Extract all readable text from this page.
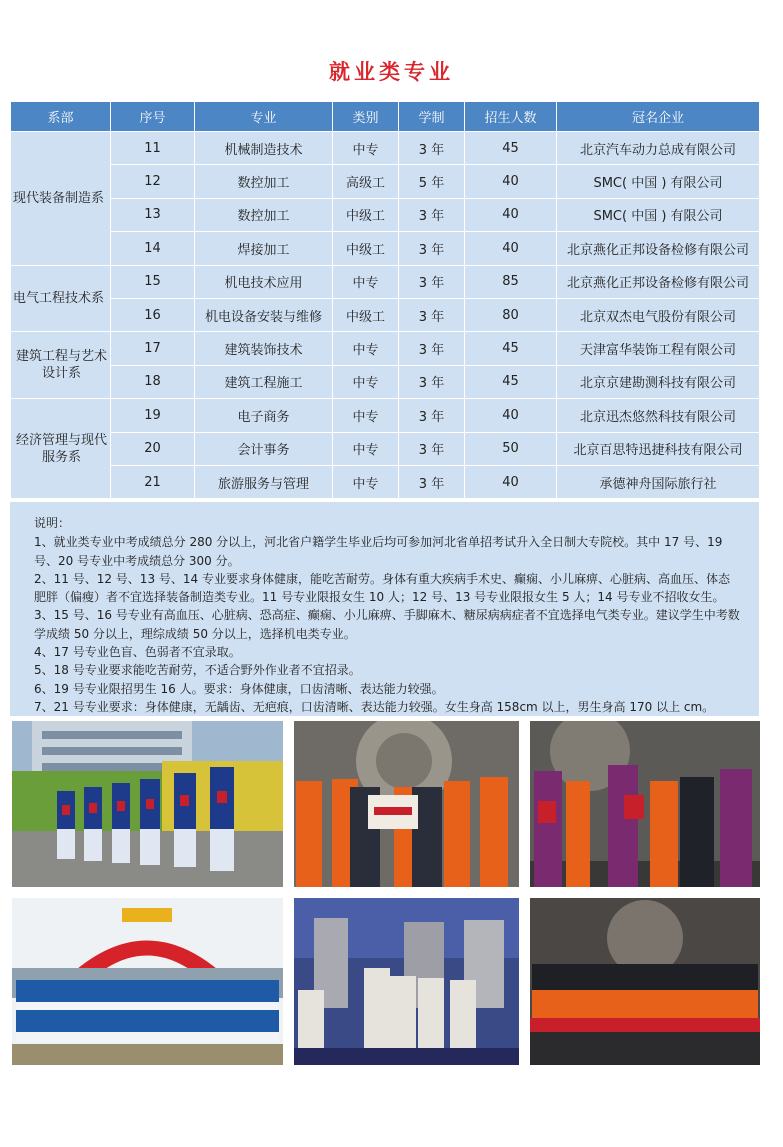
就业类专业
系部	序号	专业	类别	学制	招生人数	冠名企业
现代装备制造系	11	机械制造技术	中专	3 年	45	北京汽车动力总成有限公司
	12	数控加工	高级工	5 年	40	SMC( 中国 ) 有限公司
	13	数控加工	中级工	3 年	40	SMC( 中国 ) 有限公司
	14	焊接加工	中级工	3 年	40	北京燕化正邦设备检修有限公司
电气工程技术系	15	机电技术应用	中专	3 年	85	北京燕化正邦设备检修有限公司
	16	机电设备安装与维修	中级工	3 年	80	北京双杰电气股份有限公司
建筑工程与艺术设计系	17	建筑装饰技术	中专	3 年	45	天津富华装饰工程有限公司
	18	建筑工程施工	中专	3 年	45	北京京建勘测科技有限公司
经济管理与现代服务系	19	电子商务	中专	3 年	40	北京迅杰悠然科技有限公司
	20	会计事务	中专	3 年	50	北京百思特迅捷科技有限公司
	21	旅游服务与管理	中专	3 年	40	承德神舟国际旅行社
说明：
1、就业类专业中考成绩总分 280 分以上，河北省户籍学生毕业后均可参加河北省单招考试升入全日制大专院校。其中 17 号、19 号、20 号专业中考成绩总分 300 分。
2、11 号、12 号、13 号、14 专业要求身体健康，能吃苦耐劳。身体有重大疾病手术史、癫痫、小儿麻痹、心脏病、高血压、体态肥胖（偏瘦）者不宜选择装备制造类专业。11 号专业限报女生 10 人；12 号、13 号专业限报女生 5 人；14 号专业不招收女生。
3、15 号、16 号专业有高血压、心脏病、恐高症、癫痫、小儿麻痹、手脚麻木、糖尿病病症者不宜选择电气类专业。建议学生中考数学成绩 50 分以上，理综成绩 50 分以上，选择机电类专业。
4、17 号专业色盲、色弱者不宜录取。
5、18 号专业要求能吃苦耐劳，不适合野外作业者不宜招录。
6、19 号专业限招男生 16 人。要求：身体健康，口齿清晰、表达能力较强。
7、21 号专业要求：身体健康，无龋齿、无疤痕，口齿清晰、表达能力较强。女生身高 158cm 以上，男生身高 170 以上 cm。
